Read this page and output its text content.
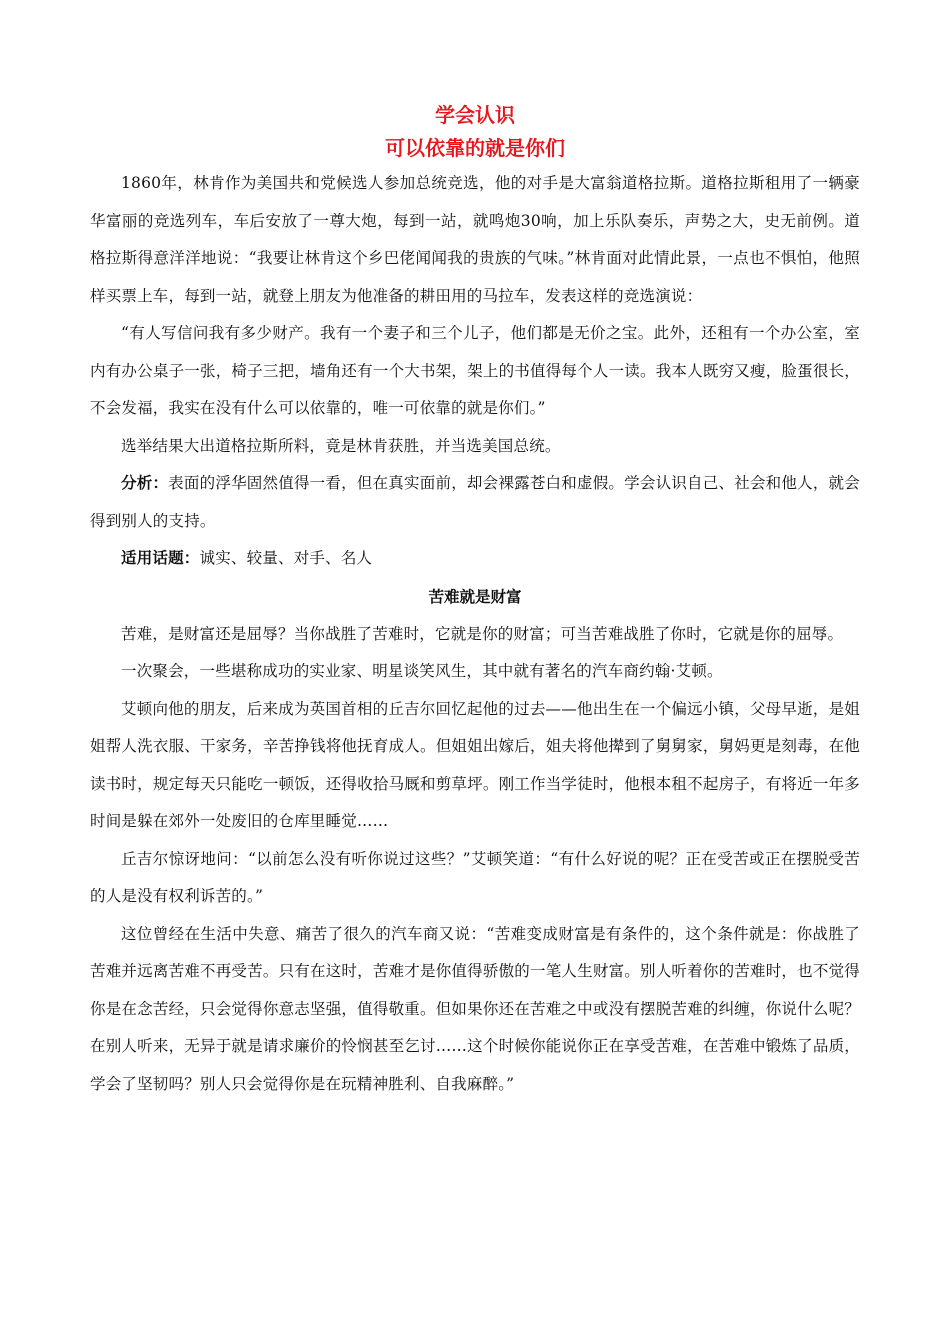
学会认识
可以依靠的就是你们

1860年，林肯作为美国共和党候选人参加总统竞选，他的对手是大富翁道格拉斯。道格拉斯租用了一辆豪华富丽的竞选列车，车后安放了一尊大炮，每到一站，就鸣炮30响，加上乐队奏乐，声势之大，史无前例。道格拉斯得意洋洋地说：“我要让林肯这个乡巴佬闻闻我的贵族的气味。”林肯面对此情此景，一点也不惧怕，他照样买票上车，每到一站，就登上朋友为他准备的耕田用的马拉车，发表这样的竞选演说：

“有人写信问我有多少财产。我有一个妻子和三个儿子，他们都是无价之宝。此外，还租有一个办公室，室内有办公桌子一张，椅子三把，墙角还有一个大书架，架上的书值得每个人一读。我本人既穷又瘦，脸蛋很长，不会发福，我实在没有什么可以依靠的，唯一可依靠的就是你们。”

选举结果大出道格拉斯所料，竟是林肯获胜，并当选美国总统。

分析：表面的浮华固然值得一看，但在真实面前，却会裸露苍白和虚假。学会认识自己、社会和他人，就会得到别人的支持。

适用话题：诚实、较量、对手、名人

苦难就是财富

苦难，是财富还是屈辱？当你战胜了苦难时，它就是你的财富；可当苦难战胜了你时，它就是你的屈辱。

一次聚会，一些堪称成功的实业家、明星谈笑风生，其中就有著名的汽车商约翰·艾顿。

艾顿向他的朋友，后来成为英国首相的丘吉尔回忆起他的过去——他出生在一个偏远小镇，父母早逝，是姐姐帮人洗衣服、干家务，辛苦挣钱将他抚育成人。但姐姐出嫁后，姐夫将他撵到了舅舅家，舅妈更是刻毒，在他读书时，规定每天只能吃一顿饭，还得收拾马厩和剪草坪。刚工作当学徒时，他根本租不起房子，有将近一年多时间是躲在郊外一处废旧的仓库里睡觉……

丘吉尔惊讶地问：“以前怎么没有听你说过这些？”艾顿笑道：“有什么好说的呢？正在受苦或正在摆脱受苦的人是没有权利诉苦的。”

这位曾经在生活中失意、痛苦了很久的汽车商又说：“苦难变成财富是有条件的，这个条件就是：你战胜了苦难并远离苦难不再受苦。只有在这时，苦难才是你值得骄傲的一笔人生财富。别人听着你的苦难时，也不觉得你是在念苦经，只会觉得你意志坚强，值得敬重。但如果你还在苦难之中或没有摆脱苦难的纠缠，你说什么呢？在别人听来，无异于就是请求廉价的怜悯甚至乞讨……这个时候你能说你正在享受苦难，在苦难中锻炼了品质，学会了坚韧吗？别人只会觉得你是在玩精神胜利、自我麻醉。”
